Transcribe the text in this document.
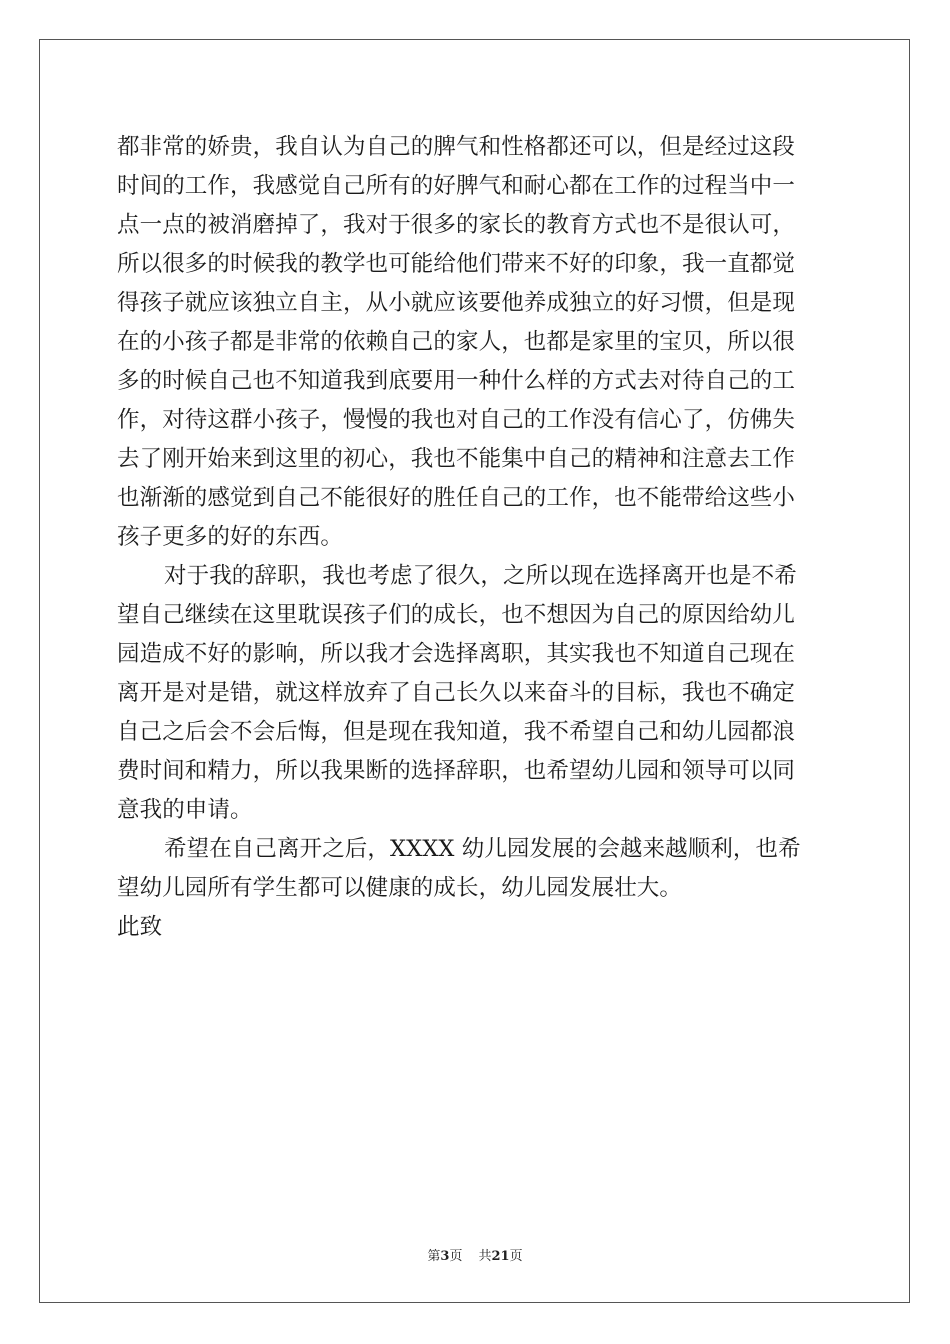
都非常的娇贵，我自认为自己的脾气和性格都还可以，但是经过这段
时间的工作，我感觉自己所有的好脾气和耐心都在工作的过程当中一
点一点的被消磨掉了，我对于很多的家长的教育方式也不是很认可，
所以很多的时候我的教学也可能给他们带来不好的印象，我一直都觉
得孩子就应该独立自主，从小就应该要他养成独立的好习惯，但是现
在的小孩子都是非常的依赖自己的家人，也都是家里的宝贝，所以很
多的时候自己也不知道我到底要用一种什么样的方式去对待自己的工
作，对待这群小孩子，慢慢的我也对自己的工作没有信心了，仿佛失
去了刚开始来到这里的初心，我也不能集中自己的精神和注意去工作
也渐渐的感觉到自己不能很好的胜任自己的工作，也不能带给这些小
孩子更多的好的东西。
对于我的辞职，我也考虑了很久，之所以现在选择离开也是不希
望自己继续在这里耽误孩子们的成长，也不想因为自己的原因给幼儿
园造成不好的影响，所以我才会选择离职，其实我也不知道自己现在
离开是对是错，就这样放弃了自己长久以来奋斗的目标，我也不确定
自己之后会不会后悔，但是现在我知道，我不希望自己和幼儿园都浪
费时间和精力，所以我果断的选择辞职，也希望幼儿园和领导可以同
意我的申请。
希望在自己离开之后，XXXX 幼儿园发展的会越来越顺利，也希
望幼儿园所有学生都可以健康的成长，幼儿园发展壮大。
此致
第3页 共21页
